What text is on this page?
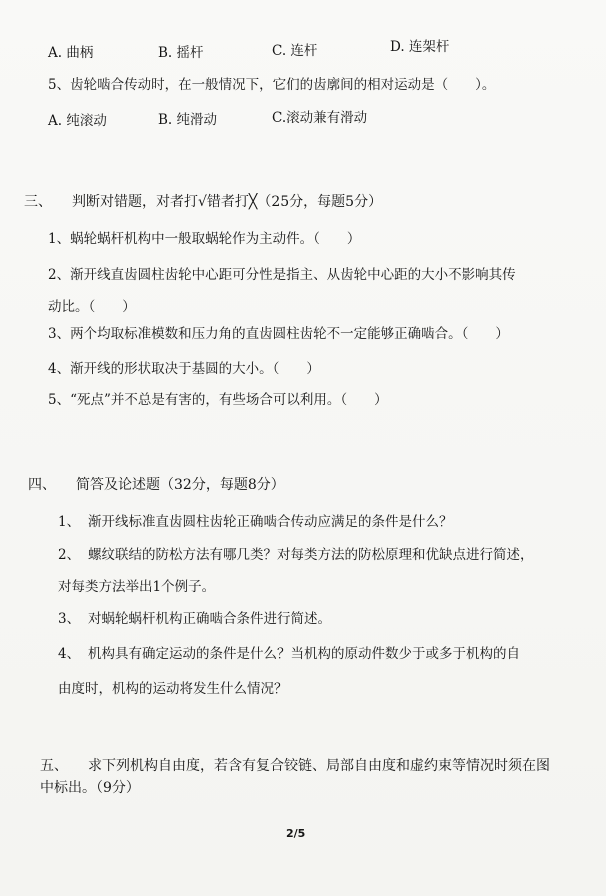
A. 曲柄	B. 摇杆	C. 连杆	D. 连架杆
5、齿轮啮合传动时，在一般情况下，它们的齿廓间的相对运动是（　　）。
A. 纯滚动	B. 纯滑动	C.滚动兼有滑动
三、 判断对错题，对者打√错者打╳（25分，每题5分）
1、蜗轮蜗杆机构中一般取蜗轮作为主动件。（　　）
2、渐开线直齿圆柱齿轮中心距可分性是指主、从齿轮中心距的大小不影响其传
动比。（　　）
3、两个均取标准模数和压力角的直齿圆柱齿轮不一定能够正确啮合。（　　）
4、渐开线的形状取决于基圆的大小。（　　）
5、“死点”并不总是有害的，有些场合可以利用。（　　）
四、 简答及论述题（32分，每题8分）
1、 渐开线标准直齿圆柱齿轮正确啮合传动应满足的条件是什么？
2、 螺纹联结的防松方法有哪几类？对每类方法的防松原理和优缺点进行简述，
对每类方法举出1个例子。
3、 对蜗轮蜗杆机构正确啮合条件进行简述。
4、 机构具有确定运动的条件是什么？当机构的原动件数少于或多于机构的自
由度时，机构的运动将发生什么情况？
五、 求下列机构自由度，若含有复合铰链、局部自由度和虚约束等情况时须在图
中标出。（9分）
2/5
